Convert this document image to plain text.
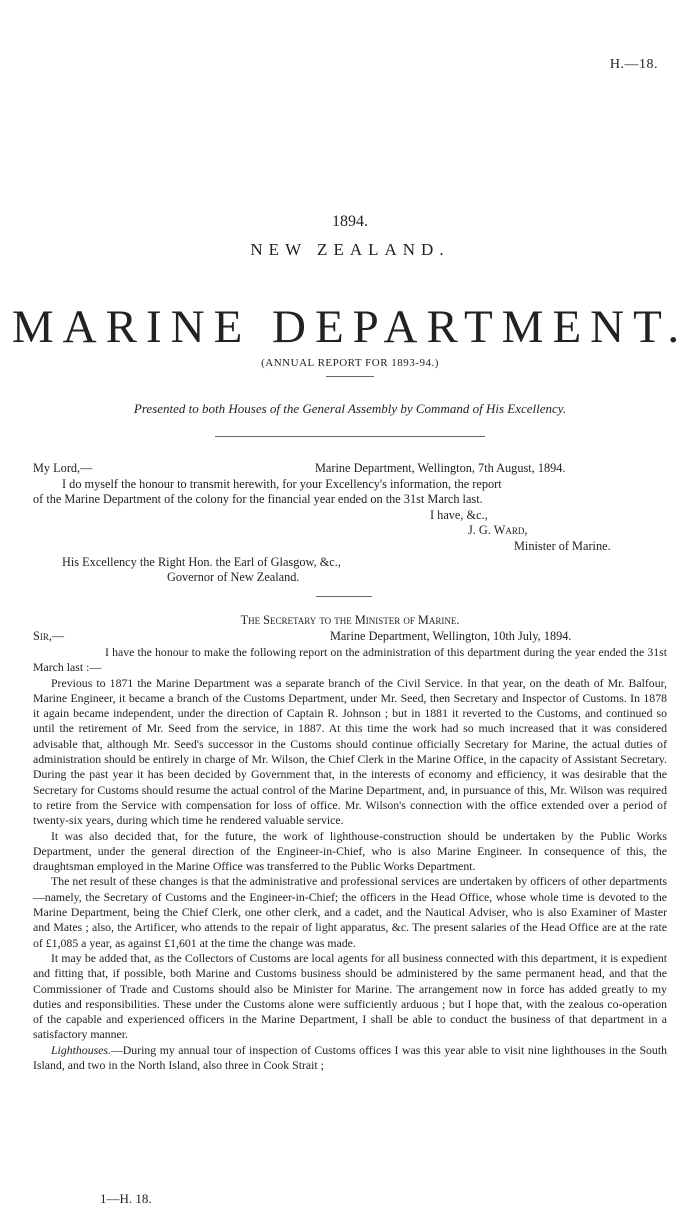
H.—18.
1894.
NEW ZEALAND.
MARINE DEPARTMENT.
(ANNUAL REPORT FOR 1893-94.)
Presented to both Houses of the General Assembly by Command of His Excellency.
My Lord,—	Marine Department, Wellington, 7th August, 1894.
I do myself the honour to transmit herewith, for your Excellency's information, the report
of the Marine Department of the colony for the financial year ended on the 31st March last.
I have, &c.,
J. G. Ward,
Minister of Marine.
His Excellency the Right Hon. the Earl of Glasgow, &c.,
Governor of New Zealand.
The Secretary to the Minister of Marine.
Sir,—	Marine Department, Wellington, 10th July, 1894.

I have the honour to make the following report on the administration of this department during the year ended the 31st March last :—

Previous to 1871 the Marine Department was a separate branch of the Civil Service. In that year, on the death of Mr. Balfour, Marine Engineer, it became a branch of the Customs Department, under Mr. Seed, then Secretary and Inspector of Customs. In 1878 it again became independent, under the direction of Captain R. Johnson ; but in 1881 it reverted to the Customs, and continued so until the retirement of Mr. Seed from the service, in 1887. At this time the work had so much increased that it was considered advisable that, although Mr. Seed's successor in the Customs should continue officially Secretary for Marine, the actual duties of administration should be entirely in charge of Mr. Wilson, the Chief Clerk in the Marine Office, in the capacity of Assistant Secretary. During the past year it has been decided by Government that, in the interests of economy and efficiency, it was desirable that the Secretary for Customs should resume the actual control of the Marine Department, and, in pursuance of this, Mr. Wilson was required to retire from the Service with compensation for loss of office. Mr. Wilson's connection with the office extended over a period of twenty-six years, during which time he rendered valuable service.

It was also decided that, for the future, the work of lighthouse-construction should be undertaken by the Public Works Department, under the general direction of the Engineer-in-Chief, who is also Marine Engineer. In consequence of this, the draughtsman employed in the Marine Office was transferred to the Public Works Department.

The net result of these changes is that the administrative and professional services are undertaken by officers of other departments—namely, the Secretary of Customs and the Engineer-in-Chief; the officers in the Head Office, whose whole time is devoted to the Marine Department, being the Chief Clerk, one other clerk, and a cadet, and the Nautical Adviser, who is also Examiner of Master and Mates ; also, the Artificer, who attends to the repair of light apparatus, &c. The present salaries of the Head Office are at the rate of £1,085 a year, as against £1,601 at the time the change was made.

It may be added that, as the Collectors of Customs are local agents for all business connected with this department, it is expedient and fitting that, if possible, both Marine and Customs business should be administered by the same permanent head, and that the Commissioner of Trade and Customs should also be Minister for Marine. The arrangement now in force has added greatly to my duties and responsibilities. These under the Customs alone were sufficiently arduous ; but I hope that, with the zealous co-operation of the capable and experienced officers in the Marine Department, I shall be able to conduct the business of that department in a satisfactory manner.

Lighthouses.—During my annual tour of inspection of Customs offices I was this year able to visit nine lighthouses in the South Island, and two in the North Island, also three in Cook Strait ;

1—H. 18.
